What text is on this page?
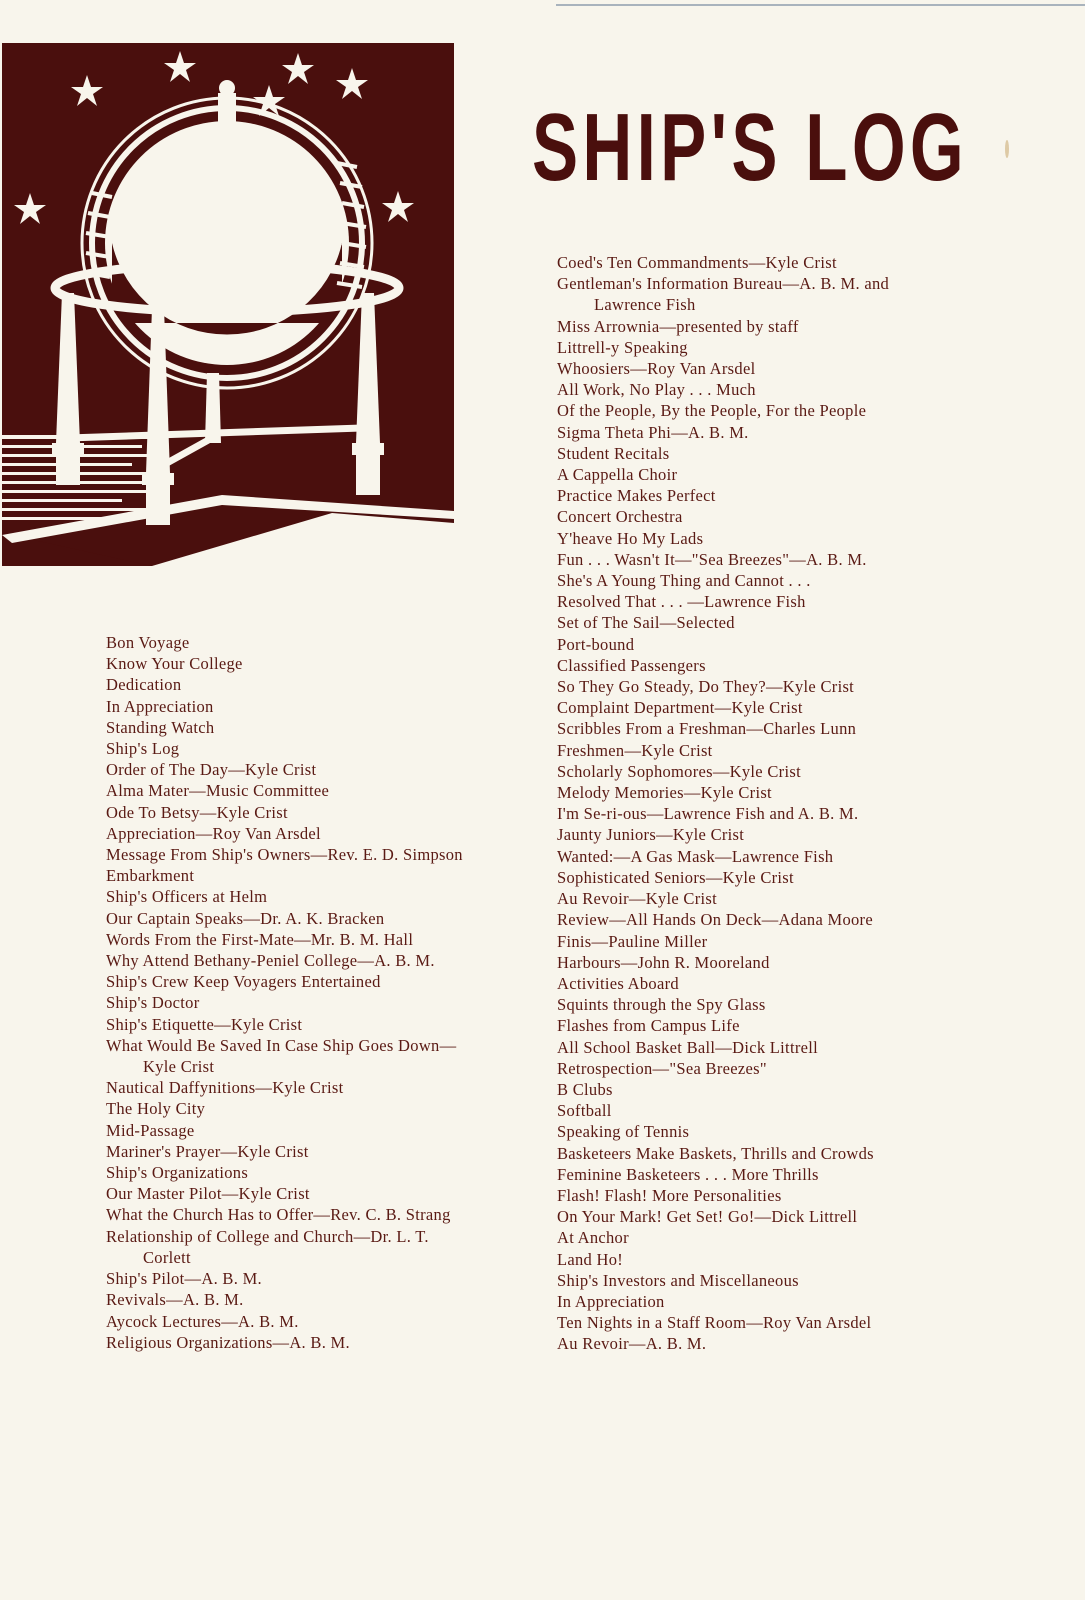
SHIP'S LOG
Bon Voyage
Know Your College
Dedication
In Appreciation
Standing Watch
Ship's Log
Order of The Day—Kyle Crist
Alma Mater—Music Committee
Ode To Betsy—Kyle Crist
Appreciation—Roy Van Arsdel
Message From Ship's Owners—Rev. E. D. Simpson
Embarkment
Ship's Officers at Helm
Our Captain Speaks—Dr. A. K. Bracken
Words From the First-Mate—Mr. B. M. Hall
Why Attend Bethany-Peniel College—A. B. M.
Ship's Crew Keep Voyagers Entertained
Ship's Doctor
Ship's Etiquette—Kyle Crist
What Would Be Saved In Case Ship Goes Down—
Kyle Crist
Nautical Daffynitions—Kyle Crist
The Holy City
Mid-Passage
Mariner's Prayer—Kyle Crist
Ship's Organizations
Our Master Pilot—Kyle Crist
What the Church Has to Offer—Rev. C. B. Strang
Relationship of College and Church—Dr. L. T.
Corlett
Ship's Pilot—A. B. M.
Revivals—A. B. M.
Aycock Lectures—A. B. M.
Religious Organizations—A. B. M.
Coed's Ten Commandments—Kyle Crist
Gentleman's Information Bureau—A. B. M. and
Lawrence Fish
Miss Arrownia—presented by staff
Littrell-y Speaking
Whoosiers—Roy Van Arsdel
All Work, No Play . . . Much
Of the People, By the People, For the People
Sigma Theta Phi—A. B. M.
Student Recitals
A Cappella Choir
Practice Makes Perfect
Concert Orchestra
Y'heave Ho My Lads
Fun . . . Wasn't It—"Sea Breezes"—A. B. M.
She's A Young Thing and Cannot . . .
Resolved That . . . —Lawrence Fish
Set of The Sail—Selected
Port-bound
Classified Passengers
So They Go Steady, Do They?—Kyle Crist
Complaint Department—Kyle Crist
Scribbles From a Freshman—Charles Lunn
Freshmen—Kyle Crist
Scholarly Sophomores—Kyle Crist
Melody Memories—Kyle Crist
I'm Se-ri-ous—Lawrence Fish and A. B. M.
Jaunty Juniors—Kyle Crist
Wanted:—A Gas Mask—Lawrence Fish
Sophisticated Seniors—Kyle Crist
Au Revoir—Kyle Crist
Review—All Hands On Deck—Adana Moore
Finis—Pauline Miller
Harbours—John R. Mooreland
Activities Aboard
Squints through the Spy Glass
Flashes from Campus Life
All School Basket Ball—Dick Littrell
Retrospection—"Sea Breezes"
B Clubs
Softball
Speaking of Tennis
Basketeers Make Baskets, Thrills and Crowds
Feminine Basketeers . . . More Thrills
Flash! Flash! More Personalities
On Your Mark! Get Set! Go!—Dick Littrell
At Anchor
Land Ho!
Ship's Investors and Miscellaneous
In Appreciation
Ten Nights in a Staff Room—Roy Van Arsdel
Au Revoir—A. B. M.
